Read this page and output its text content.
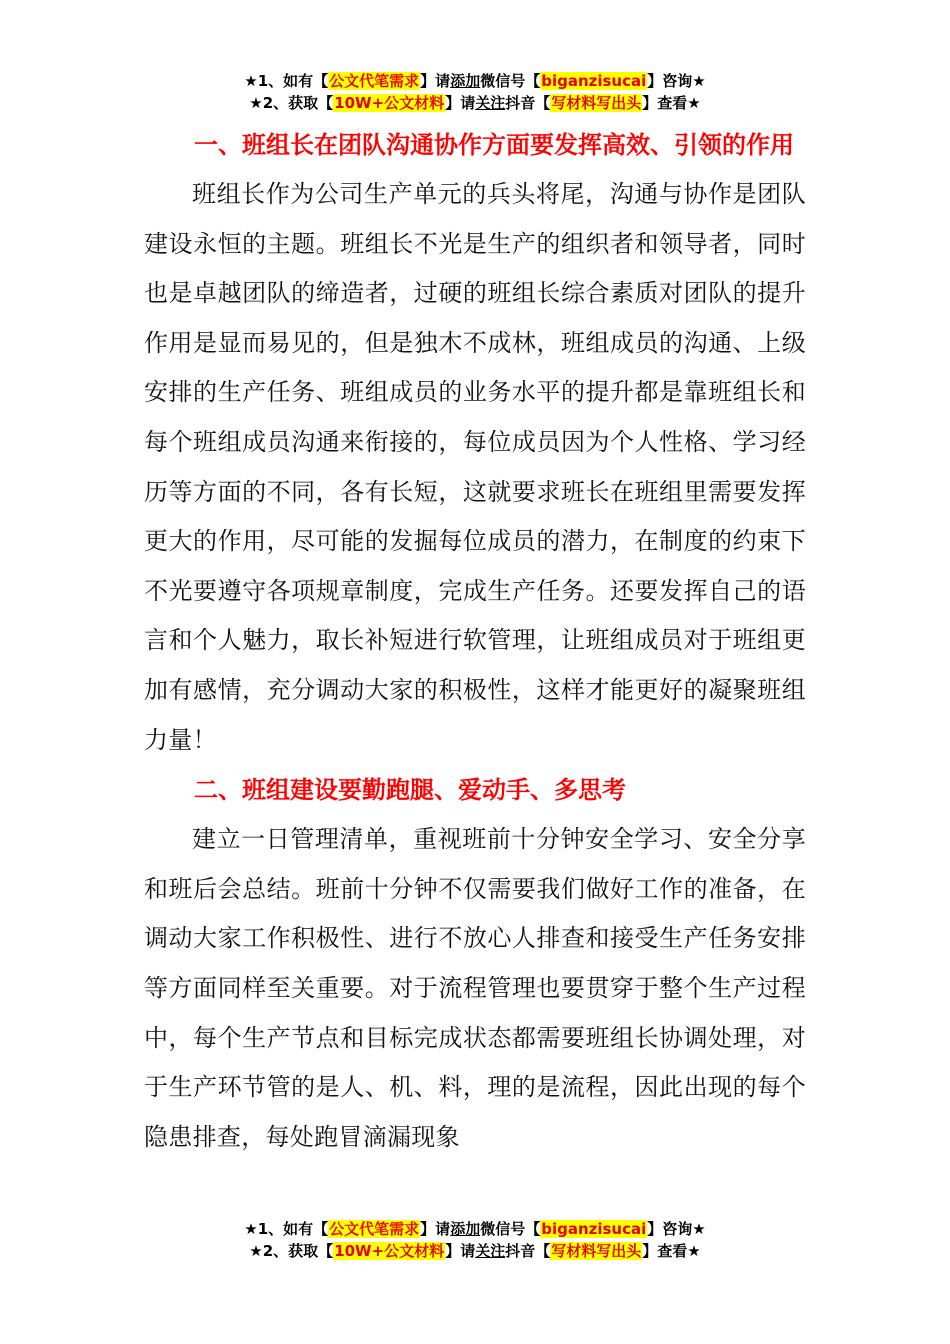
★1、如有【公文代笔需求】请添加微信号【biganzisucai】咨询★
★2、获取【10W+公文材料】请关注抖音【写材料写出头】查看★

一、班组长在团队沟通协作方面要发挥高效、引领的作用

班组长作为公司生产单元的兵头将尾，沟通与协作是团队建设永恒的主题。班组长不光是生产的组织者和领导者，同时也是卓越团队的缔造者，过硬的班组长综合素质对团队的提升作用是显而易见的，但是独木不成林，班组成员的沟通、上级安排的生产任务、班组成员的业务水平的提升都是靠班组长和每个班组成员沟通来衔接的，每位成员因为个人性格、学习经历等方面的不同，各有长短，这就要求班长在班组里需要发挥更大的作用，尽可能的发掘每位成员的潜力，在制度的约束下不光要遵守各项规章制度，完成生产任务。还要发挥自己的语言和个人魅力，取长补短进行软管理，让班组成员对于班组更加有感情，充分调动大家的积极性，这样才能更好的凝聚班组力量！

二、班组建设要勤跑腿、爱动手、多思考

建立一日管理清单，重视班前十分钟安全学习、安全分享和班后会总结。班前十分钟不仅需要我们做好工作的准备，在调动大家工作积极性、进行不放心人排查和接受生产任务安排等方面同样至关重要。对于流程管理也要贯穿于整个生产过程中，每个生产节点和目标完成状态都需要班组长协调处理，对于生产环节管的是人、机、料，理的是流程，因此出现的每个隐患排查，每处跑冒滴漏现象

★1、如有【公文代笔需求】请添加微信号【biganzisucai】咨询★
★2、获取【10W+公文材料】请关注抖音【写材料写出头】查看★
